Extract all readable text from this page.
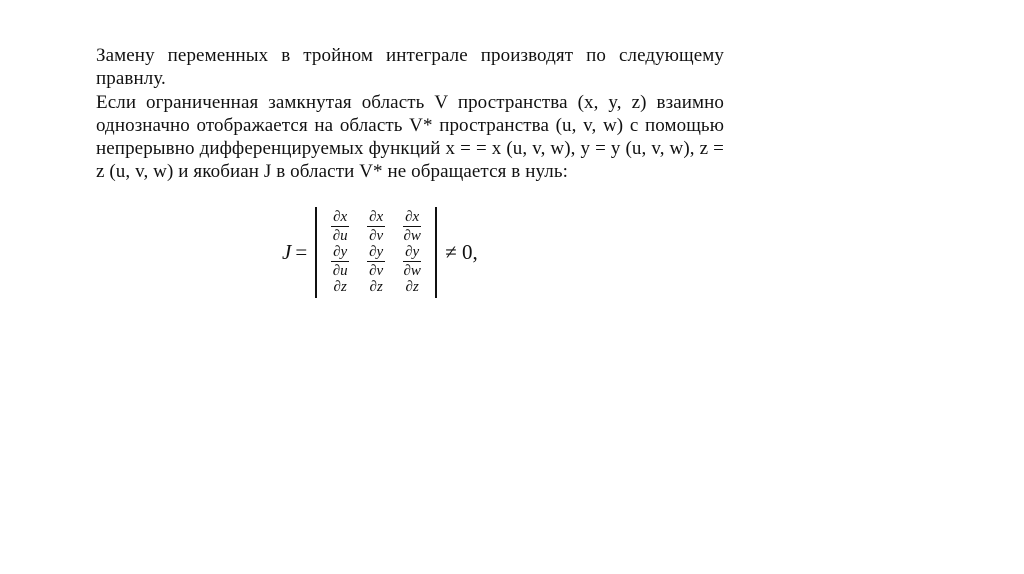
Замену переменных в тройном интеграле производят по следующему правнлу.
Если ограниченная замкнутая область V пространства (x, y, z) взаимно однозначно отображается на область V* пространства (u, v, w) с помощью непрерывно дифференцируемых функций x = = x (u, v, w), y = y (u, v, w), z = z (u, v, w) и якобиан J в области V* не обращается в нуль:
J =
$\frac{\partial x}{\partial u} \frac{\partial x}{\partial v} \frac{\partial x}{\partial w}$
$\frac{\partial y}{\partial u} \frac{\partial y}{\partial v} \frac{\partial y}{\partial w}$
∂z ∂z ∂z
≠ 0,
